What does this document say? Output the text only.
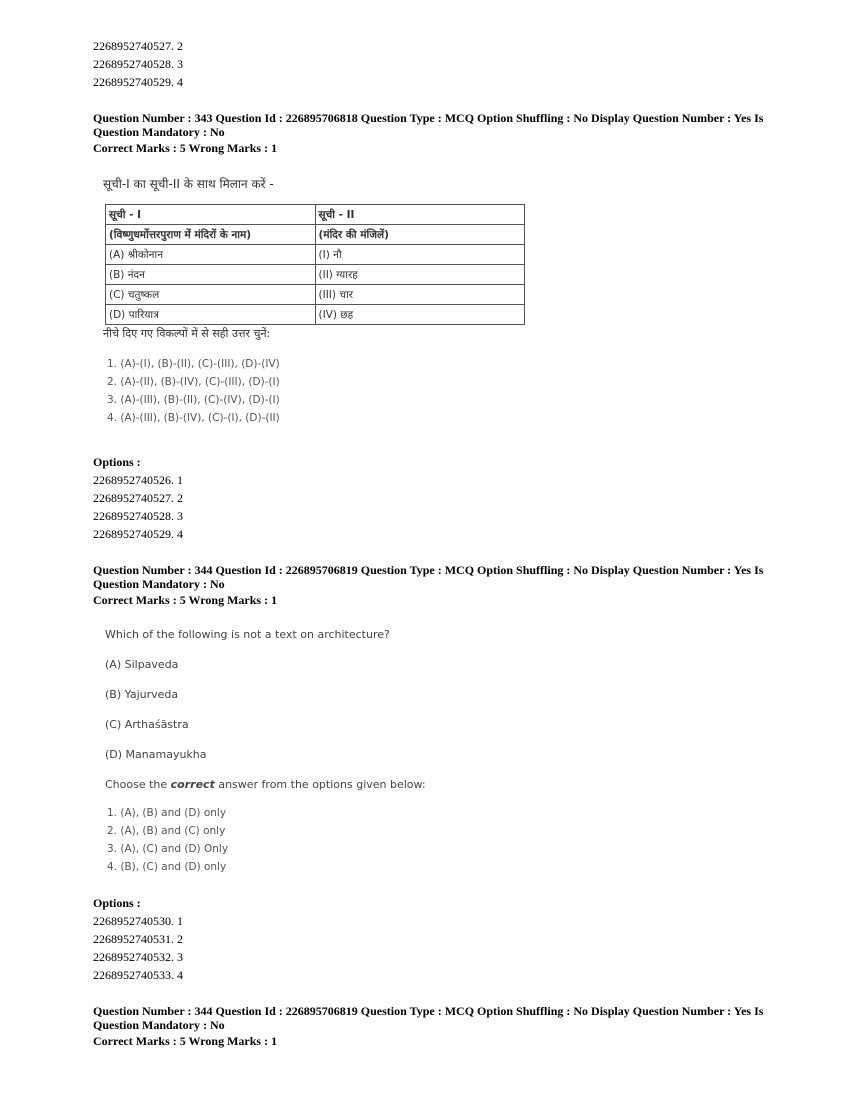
2268952740527. 2
2268952740528. 3
2268952740529. 4
Question Number : 343 Question Id : 226895706818 Question Type : MCQ Option Shuffling : No Display Question Number : Yes Is
Question Mandatory : No
Correct Marks : 5 Wrong Marks : 1
सूची-I का सूची-II के साथ मिलान करें -
सूची - I	सूची - II
(विष्णुधर्मोत्तरपुराण में मंदिरों के नाम)	(मंदिर की मंजिलें)
(A) श्रीकोनान	(I) नौ
(B) नंदन	(II) ग्यारह
(C) चतुष्कल	(III) चार
(D) पारियात्र	(IV) छह
नीचे दिए गए विकल्पों में से सही उत्तर चुनें:
1. (A)-(I), (B)-(II), (C)-(III), (D)-(IV)
2. (A)-(II), (B)-(IV), (C)-(III), (D)-(I)
3. (A)-(III), (B)-(II), (C)-(IV), (D)-(I)
4. (A)-(III), (B)-(IV), (C)-(I), (D)-(II)
Options :
2268952740526. 1
2268952740527. 2
2268952740528. 3
2268952740529. 4
Question Number : 344 Question Id : 226895706819 Question Type : MCQ Option Shuffling : No Display Question Number : Yes Is
Question Mandatory : No
Correct Marks : 5 Wrong Marks : 1
Which of the following is not a text on architecture?
(A) Silpaveda
(B) Yajurveda
(C) Arthaśāstra
(D) Manamayukha
Choose the correct answer from the options given below:
1. (A), (B) and (D) only
2. (A), (B) and (C) only
3. (A), (C) and (D) Only
4. (B), (C) and (D) only
Options :
2268952740530. 1
2268952740531. 2
2268952740532. 3
2268952740533. 4
Question Number : 344 Question Id : 226895706819 Question Type : MCQ Option Shuffling : No Display Question Number : Yes Is
Question Mandatory : No
Correct Marks : 5 Wrong Marks : 1
